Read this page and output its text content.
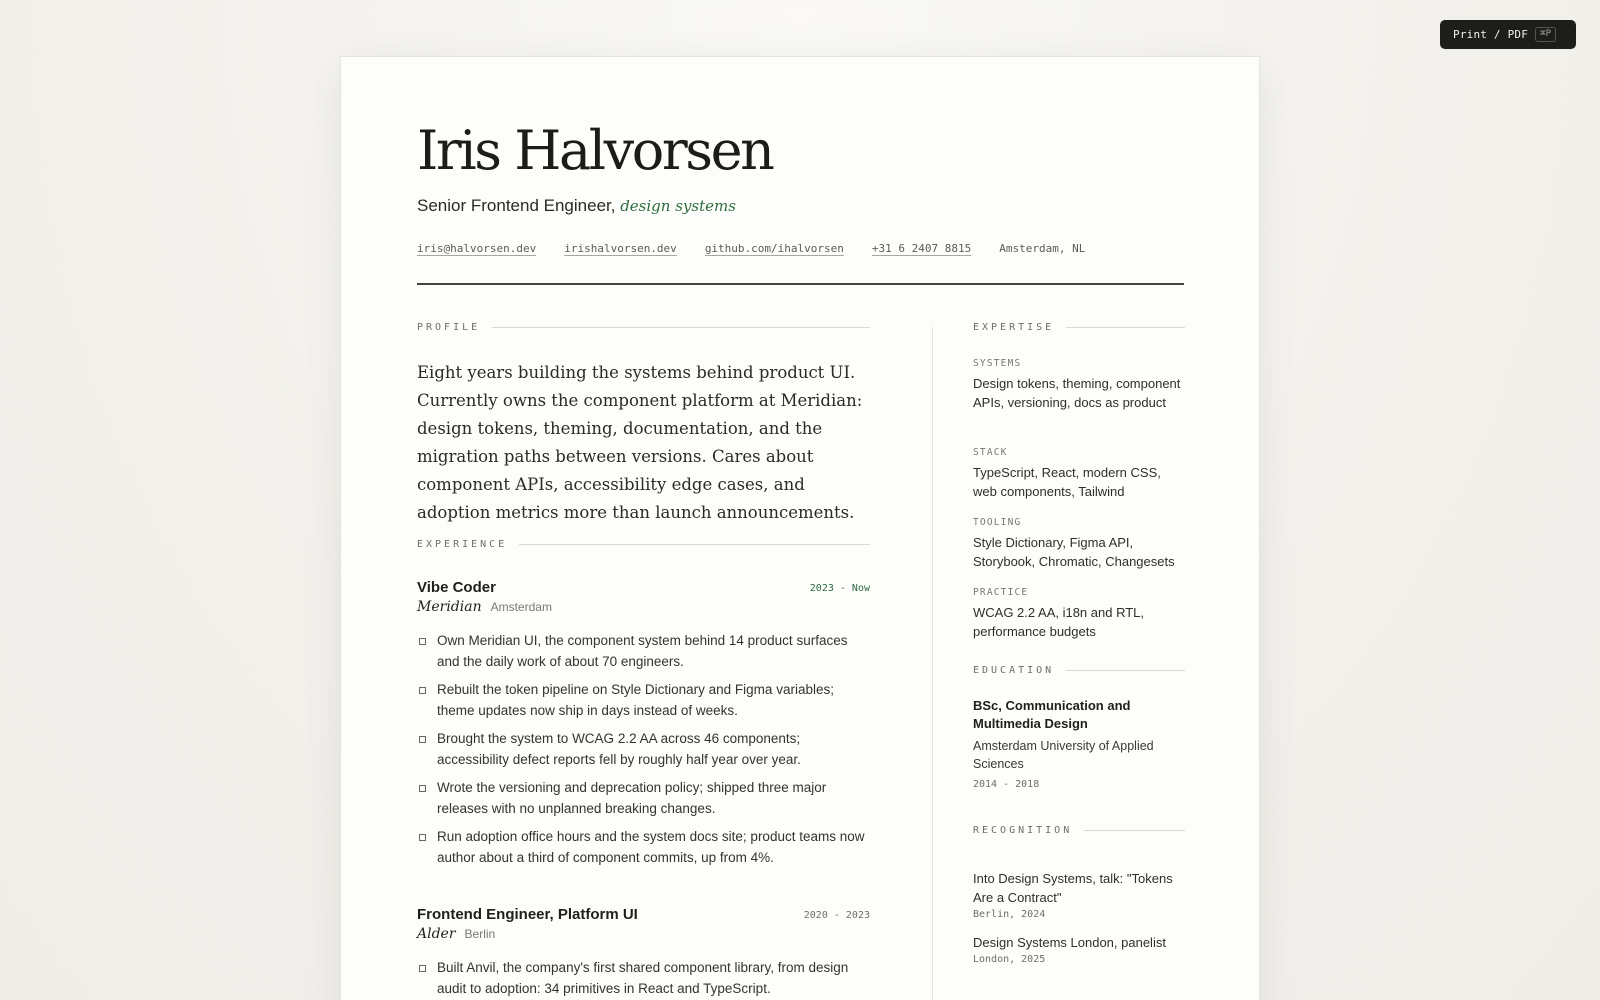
Print / PDF	⌘P
Iris Halvorsen
Senior Frontend Engineer, design systems
iris@halvorsen.dev	irishalvorsen.dev	github.com/ihalvorsen	+31 6 2407 8815	Amsterdam, NL
PROFILE

Eight years building the systems behind product UI. Currently owns the component platform at Meridian: design tokens, theming, documentation, and the migration paths between versions. Cares about component APIs, accessibility edge cases, and adoption metrics more than launch announcements.

EXPERIENCE
Vibe Coder	2023 - Now
Meridian Amsterdam
Own Meridian UI, the component system behind 14 product surfaces and the daily work of about 70 engineers.
Rebuilt the token pipeline on Style Dictionary and Figma variables; theme updates now ship in days instead of weeks.
Brought the system to WCAG 2.2 AA across 46 components; accessibility defect reports fell by roughly half year over year.
Wrote the versioning and deprecation policy; shipped three major releases with no unplanned breaking changes.
Run adoption office hours and the system docs site; product teams now author about a third of component commits, up from 4%.
Frontend Engineer, Platform UI	2020 - 2023
Alder Berlin
Built Anvil, the company's first shared component library, from design audit to adoption: 34 primitives in React and TypeScript.
EXPERTISE
SYSTEMS
Design tokens, theming, component APIs, versioning, docs as product
STACK
TypeScript, React, modern CSS, web components, Tailwind
TOOLING
Style Dictionary, Figma API, Storybook, Chromatic, Changesets
PRACTICE
WCAG 2.2 AA, i18n and RTL, performance budgets
EDUCATION
BSc, Communication and Multimedia Design
Amsterdam University of Applied Sciences
2014 - 2018
RECOGNITION
Into Design Systems, talk: "Tokens Are a Contract"
Berlin, 2024
Design Systems London, panelist
London, 2025
